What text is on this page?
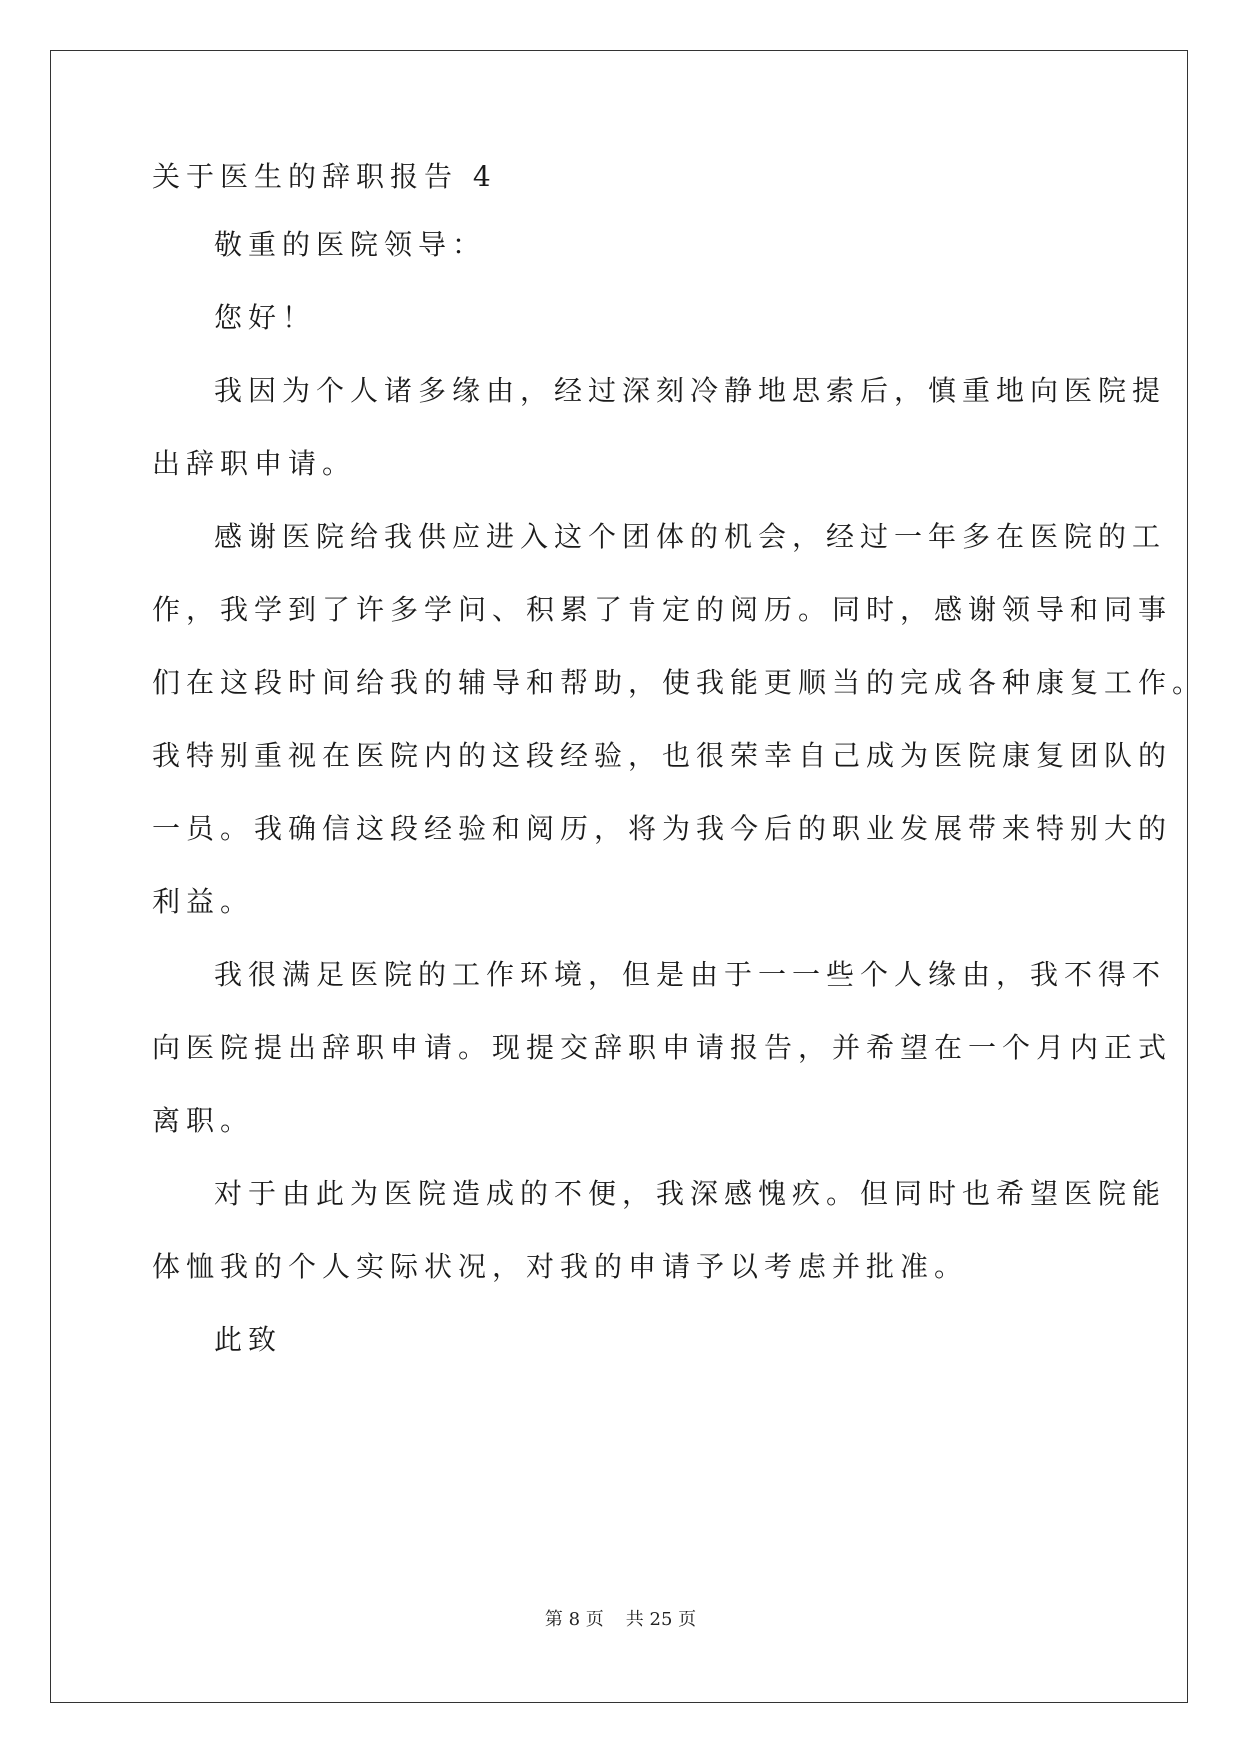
关于医生的辞职报告 4
敬重的医院领导：
您好！
我因为个人诸多缘由，经过深刻冷静地思索后，慎重地向医院提
出辞职申请。
感谢医院给我供应进入这个团体的机会，经过一年多在医院的工
作，我学到了许多学问、积累了肯定的阅历。同时，感谢领导和同事
们在这段时间给我的辅导和帮助，使我能更顺当的完成各种康复工作。
我特别重视在医院内的这段经验，也很荣幸自己成为医院康复团队的
一员。我确信这段经验和阅历，将为我今后的职业发展带来特别大的
利益。
我很满足医院的工作环境，但是由于一一些个人缘由，我不得不
向医院提出辞职申请。现提交辞职申请报告，并希望在一个月内正式
离职。
对于由此为医院造成的不便，我深感愧疚。但同时也希望医院能
体恤我的个人实际状况，对我的申请予以考虑并批准。
此致
第 8 页 共 25 页
